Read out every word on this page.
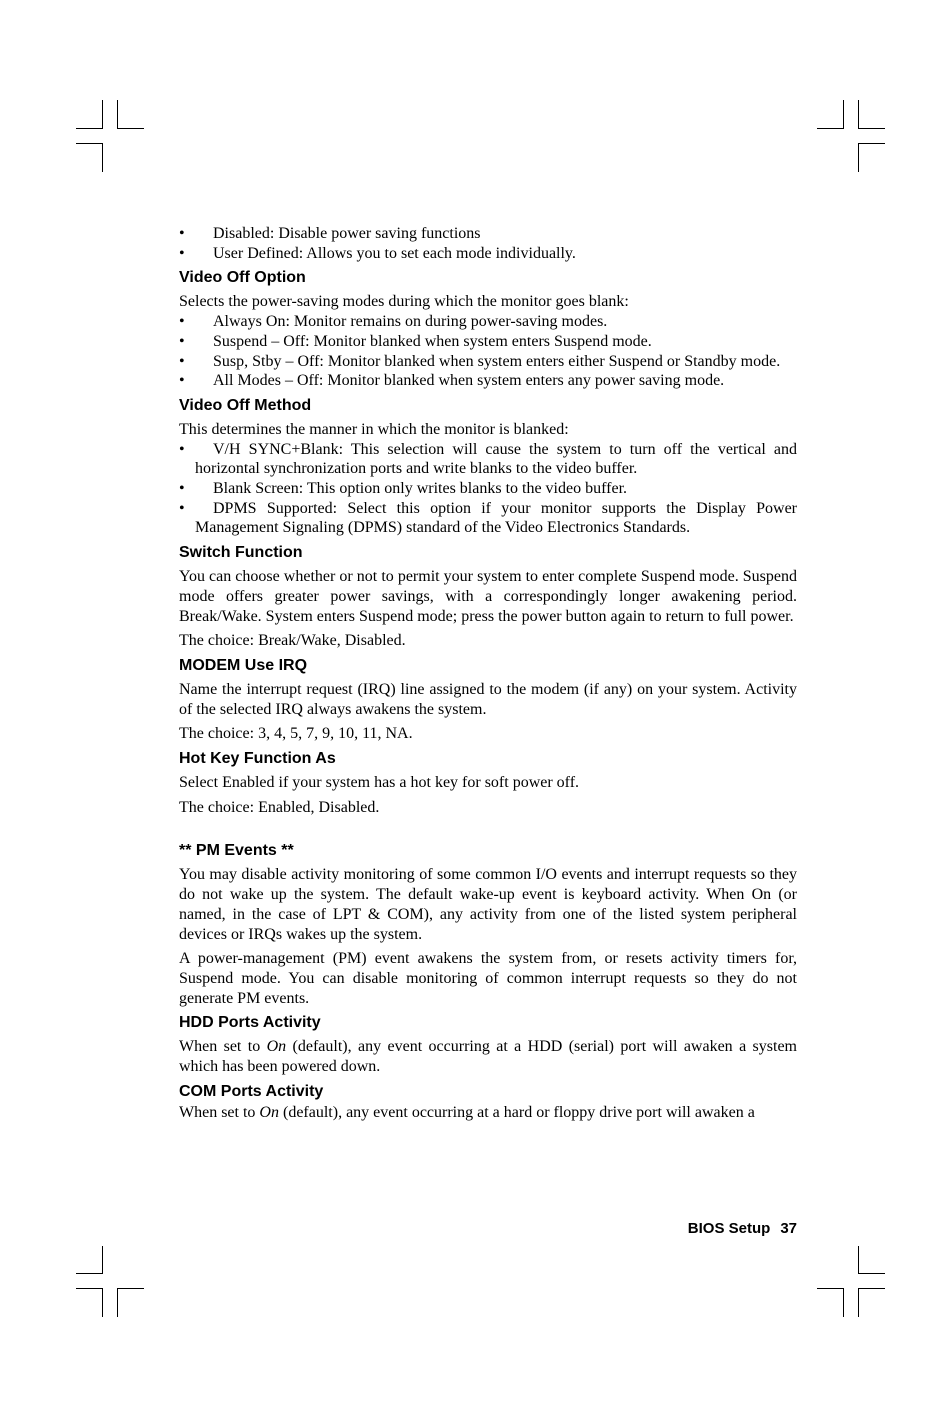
•	Disabled: Disable power saving functions
•	User Defined: Allows you to set each mode individually.
Video Off Option

Selects the power-saving modes during which the monitor goes blank:

•	Always On: Monitor remains on during power-saving modes.
•	Suspend – Off: Monitor blanked when system enters Suspend mode.
•	Susp, Stby – Off: Monitor blanked when system enters either Suspend or Standby mode.
•	All Modes – Off: Monitor blanked when system enters any power saving mode.
Video Off Method

This determines the manner in which the monitor is blanked:

•	V/H SYNC+Blank: This selection will cause the system to turn off the vertical and horizontal synchronization ports and write blanks to the video buffer.
•	Blank Screen: This option only writes blanks to the video buffer.
•	DPMS Supported: Select this option if your monitor supports the Display Power Management Signaling (DPMS) standard of the Video Electronics Standards.
Switch Function

You can choose whether or not to permit your system to enter complete Suspend mode. Suspend mode offers greater power savings, with a correspondingly longer awakening period. Break/Wake. System enters Suspend mode; press the power button again to return to full power.

The choice: Break/Wake, Disabled.

MODEM Use IRQ

Name the interrupt request (IRQ) line assigned to the modem (if any) on your system. Activity of the selected IRQ always awakens the system.

The choice: 3, 4, 5, 7, 9, 10, 11, NA.

Hot Key Function As

Select Enabled if your system has a hot key for soft power off.

The choice: Enabled, Disabled.

** PM Events **

You may disable activity monitoring of some common I/O events and interrupt requests so they do not wake up the system. The default wake-up event is keyboard activity. When On (or named, in the case of LPT & COM), any activity from one of the listed system peripheral devices or IRQs wakes up the system.

A power-management (PM) event awakens the system from, or resets activity timers for, Suspend mode. You can disable monitoring of common interrupt requests so they do not generate PM events.

HDD Ports Activity

When set to On (default), any event occurring at a HDD (serial) port will awaken a system which has been powered down.

COM Ports Activity

When set to On (default), any event occurring at a hard or floppy drive port will awaken a

BIOS Setup 37
